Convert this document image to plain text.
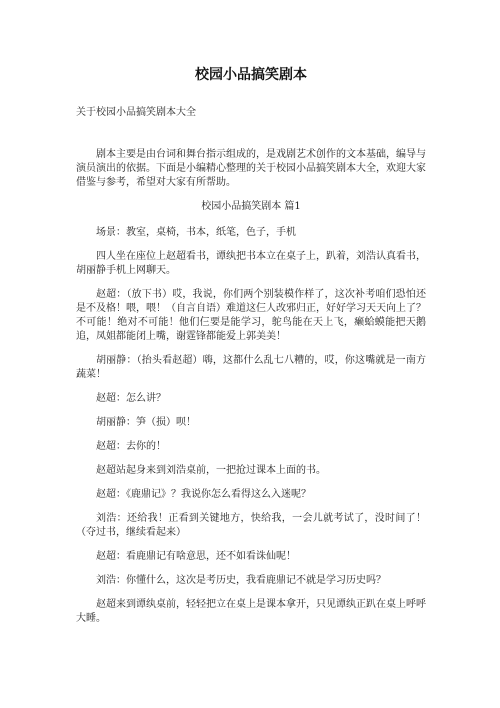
校园小品搞笑剧本
关于校园小品搞笑剧本大全

剧本主要是由台词和舞台指示组成的，是戏剧艺术创作的文本基础，编导与演员演出的依据。下面是小编精心整理的关于校园小品搞笑剧本大全，欢迎大家借鉴与参考，希望对大家有所帮助。

校园小品搞笑剧本 篇1

场景：教室，桌椅，书本，纸笔，色子，手机

四人坐在座位上赵超看书，谭纨把书本立在桌子上，趴着，刘浩认真看书，胡丽静手机上网聊天。

赵超：（放下书）哎，我说，你们两个别装模作样了，这次补考咱们恐怕还是不及格！喂，喂！（自言自语）难道这仨人改邪归正，好好学习天天向上了？不可能！绝对不可能！他们仨要是能学习，鸵鸟能在天上飞，癞蛤蟆能把天鹅追，凤姐都能闭上嘴，谢霆锋都能爱上郭美美！

胡丽静：（抬头看赵超）嗨，这都什么乱七八糟的，哎，你这嘴就是一南方蔬菜！

赵超：怎么讲？

胡丽静：笋（损）呗！

赵超：去你的！

赵超站起身来到刘浩桌前，一把抢过课本上面的书。

赵超：《鹿鼎记》？我说你怎么看得这么入迷呢？

刘浩：还给我！正看到关键地方，快给我，一会儿就考试了，没时间了！（夺过书，继续看起来）

赵超：看鹿鼎记有啥意思，还不如看诛仙呢！

刘浩：你懂什么，这次是考历史，我看鹿鼎记不就是学习历史吗？

赵超来到谭纨桌前，轻轻把立在桌上是课本拿开，只见谭纨正趴在桌上呼呼大睡。
